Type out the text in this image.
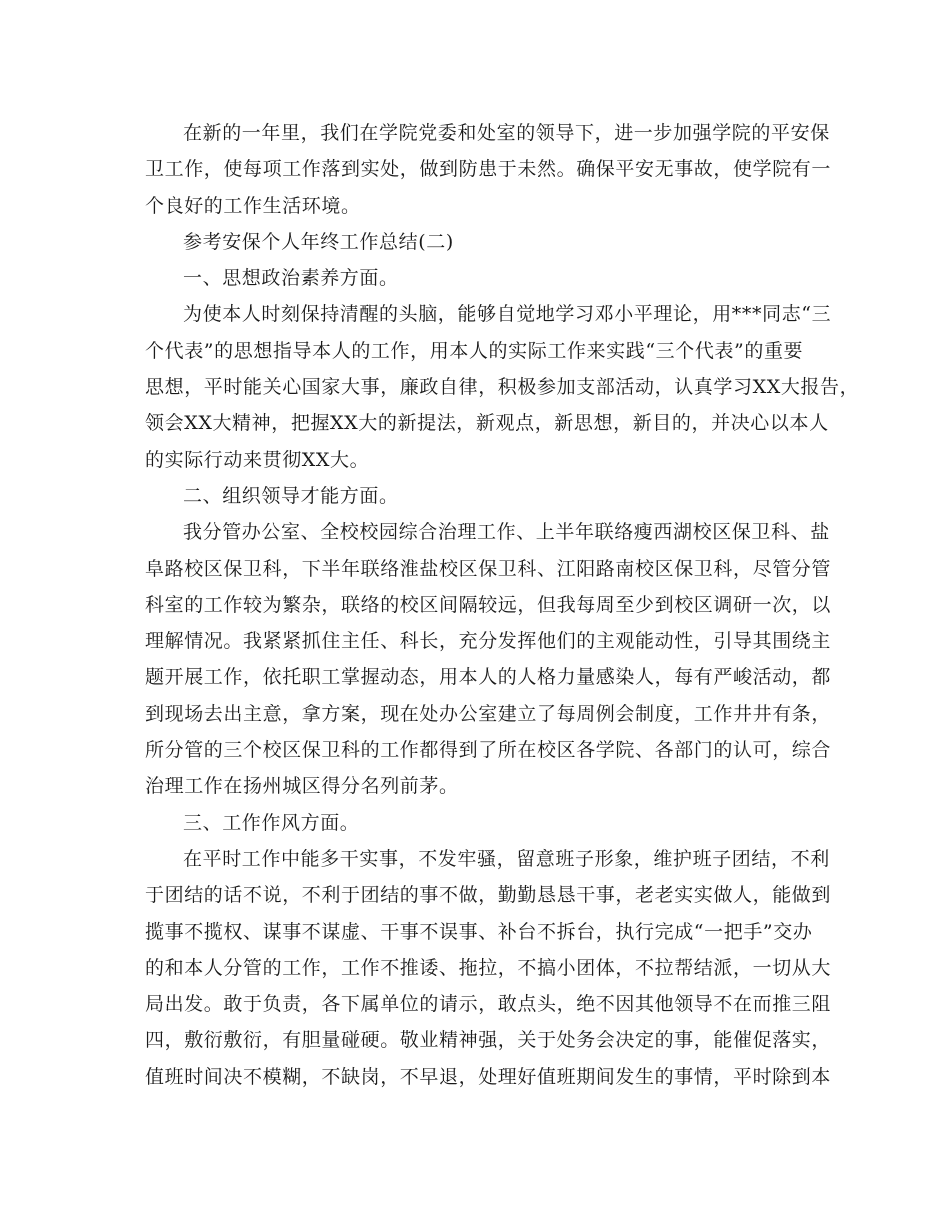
在新的一年里，我们在学院党委和处室的领导下，进一步加强学院的平安保
卫工作，使每项工作落到实处，做到防患于未然。确保平安无事故，使学院有一
个良好的工作生活环境。
参考安保个人年终工作总结(二)
一、思想政治素养方面。
为使本人时刻保持清醒的头脑，能够自觉地学习邓小平理论，用***同志“三
个代表”的思想指导本人的工作，用本人的实际工作来实践“三个代表”的重要
思想，平时能关心国家大事，廉政自律，积极参加支部活动，认真学习XX大报告，
领会XX大精神，把握XX大的新提法，新观点，新思想，新目的，并决心以本人
的实际行动来贯彻XX大。
二、组织领导才能方面。
我分管办公室、全校校园综合治理工作、上半年联络瘦西湖校区保卫科、盐
阜路校区保卫科，下半年联络淮盐校区保卫科、江阳路南校区保卫科，尽管分管
科室的工作较为繁杂，联络的校区间隔较远，但我每周至少到校区调研一次，以
理解情况。我紧紧抓住主任、科长，充分发挥他们的主观能动性，引导其围绕主
题开展工作，依托职工掌握动态，用本人的人格力量感染人，每有严峻活动，都
到现场去出主意，拿方案，现在处办公室建立了每周例会制度，工作井井有条，
所分管的三个校区保卫科的工作都得到了所在校区各学院、各部门的认可，综合
治理工作在扬州城区得分名列前茅。
三、工作作风方面。
在平时工作中能多干实事，不发牢骚，留意班子形象，维护班子团结，不利
于团结的话不说，不利于团结的事不做，勤勤恳恳干事，老老实实做人，能做到
揽事不揽权、谋事不谋虚、干事不误事、补台不拆台，执行完成“一把手”交办
的和本人分管的工作，工作不推诿、拖拉，不搞小团体，不拉帮结派，一切从大
局出发。敢于负责，各下属单位的请示，敢点头，绝不因其他领导不在而推三阻
四，敷衍敷衍，有胆量碰硬。敬业精神强，关于处务会决定的事，能催促落实，
值班时间决不模糊，不缺岗，不早退，处理好值班期间发生的事情，平时除到本
